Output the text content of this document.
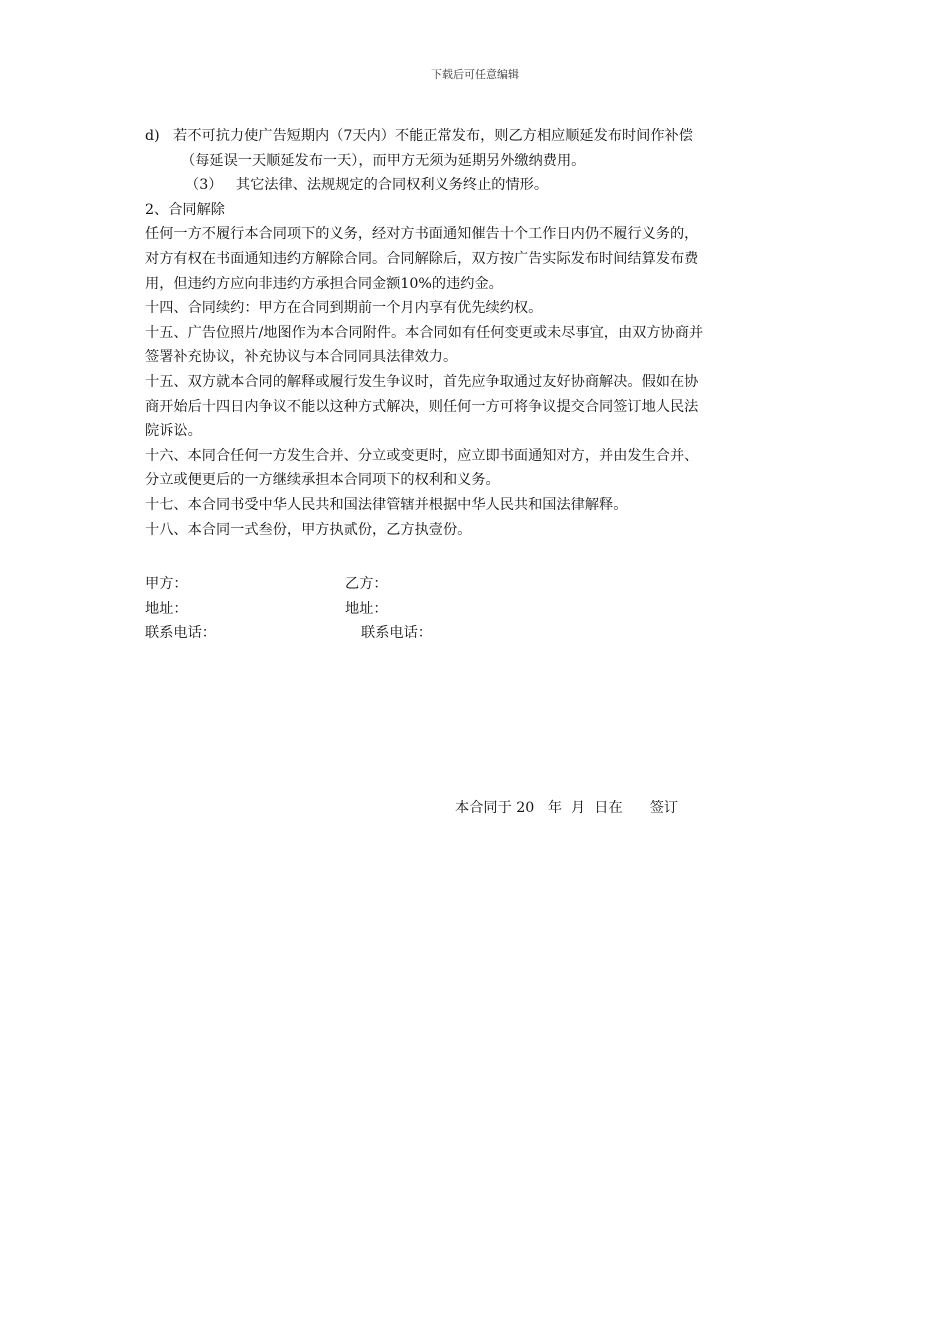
下载后可任意编辑
d)   若不可抗力使广告短期内（7天内）不能正常发布，则乙方相应顺延发布时间作补偿
（每延误一天顺延发布一天），而甲方无须为延期另外缴纳费用。
（3）   其它法律、法规规定的合同权利义务终止的情形。
2、合同解除
任何一方不履行本合同项下的义务，经对方书面通知催告十个工作日内仍不履行义务的，
对方有权在书面通知违约方解除合同。合同解除后，双方按广告实际发布时间结算发布费
用，但违约方应向非违约方承担合同金额10%的违约金。
十四、合同续约：甲方在合同到期前一个月内享有优先续约权。
十五、广告位照片/地图作为本合同附件。本合同如有任何变更或未尽事宜，由双方协商并
签署补充协议，补充协议与本合同同具法律效力。
十五、双方就本合同的解释或履行发生争议时，首先应争取通过友好协商解决。假如在协
商开始后十四日内争议不能以这种方式解决，则任何一方可将争议提交合同签订地人民法
院诉讼。
十六、本同合任何一方发生合并、分立或变更时，应立即书面通知对方，并由发生合并、
分立或便更后的一方继续承担本合同项下的权利和义务。
十七、本合同书受中华人民共和国法律管辖并根据中华人民共和国法律解释。
十八、本合同一式叁份，甲方执贰份，乙方执壹份。
甲方：	乙方：
地址：	地址：
联系电话：	联系电话：
本合同于 20   年  月  日在      签订
